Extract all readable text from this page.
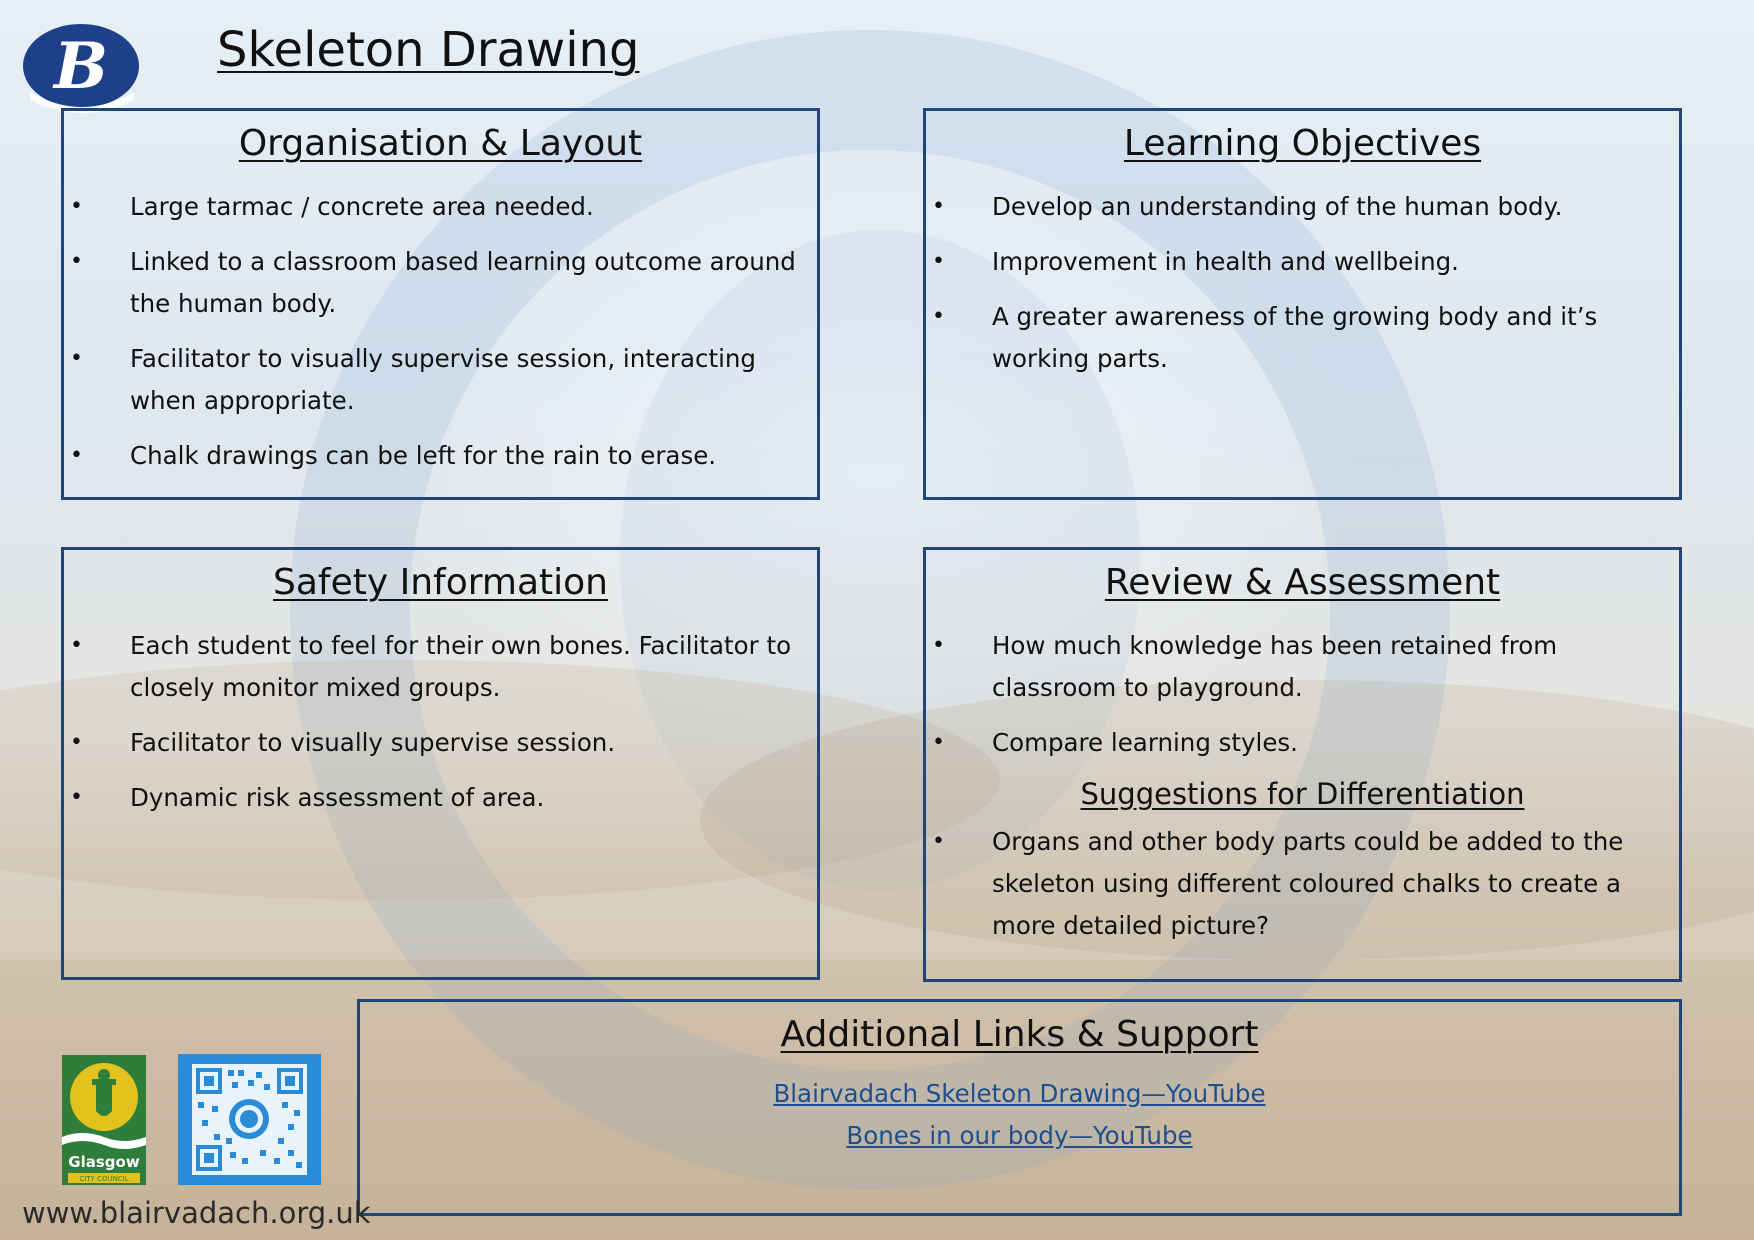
B Skeleton Drawing
Organisation & Layout
• Large tarmac / concrete area needed.
• Linked to a classroom based learning outcome around the human body.
• Facilitator to visually supervise session, interacting when appropriate.
• Chalk drawings can be left for the rain to erase.
Learning Objectives
• Develop an understanding of the human body.
• Improvement in health and wellbeing.
• A greater awareness of the growing body and it’s working parts.
Safety Information
• Each student to feel for their own bones. Facilitator to closely monitor mixed groups.
• Facilitator to visually supervise session.
• Dynamic risk assessment of area.
Review & Assessment
• How much knowledge has been retained from classroom to playground.
• Compare learning styles.
Suggestions for Differentiation
• Organs and other body parts could be added to the skeleton using different coloured chalks to create a more detailed picture?
Additional Links & Support
Blairvadach Skeleton Drawing—YouTube
Bones in our body—YouTube
Glasgow
CITY COUNCIL
www.blairvadach.org.uk
